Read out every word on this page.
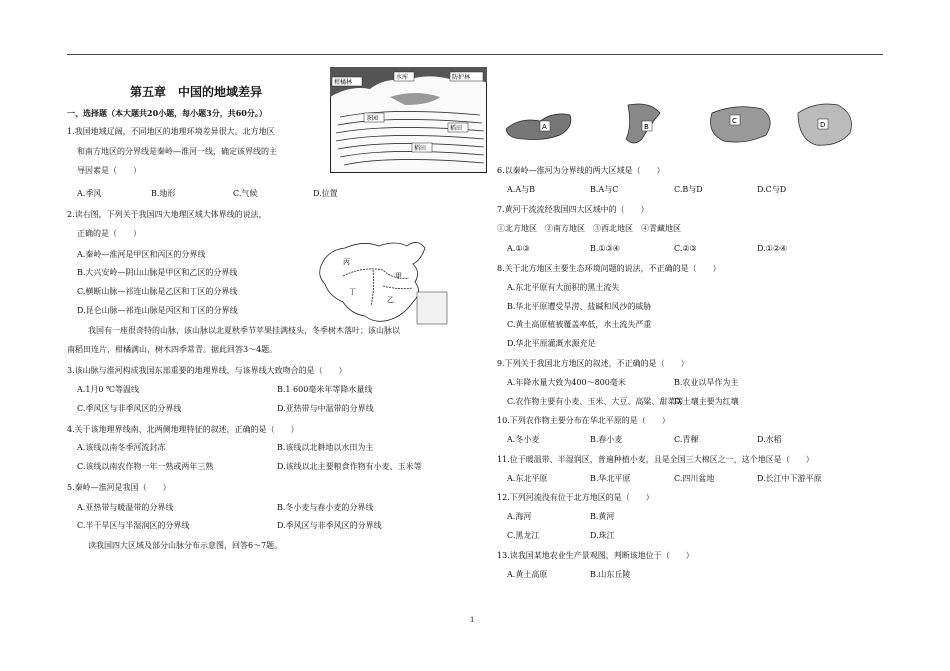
第五章　中国的地域差异
一、选择题（本大题共20小题，每小题3分，共60分。）
柑橘林
水库	防护林
茶园
稻田
稻田
丙
甲
丁
乙
A	B
C	D
1.我国地域辽阔，不同地区的地理环境差异很大。北方地区
和南方地区的分界线是秦岭—淮河一线，确定该界线的主
导因素是（　　）
A.季风	B.地形	C.气候	D.位置
2.读右图，下列关于我国四大地理区域大体界线的说法，
正确的是（　　）
A.秦岭—淮河是甲区和丙区的分界线
B.大兴安岭—阴山山脉是甲区和乙区的分界线
C.横断山脉—祁连山脉是乙区和丁区的分界线
D.昆仑山脉—祁连山脉是丙区和丁区的分界线
我国有一座很奇特的山脉，该山脉以北夏秋季节苹果挂满枝头，冬季树木落叶；该山脉以
南稻田连片，柑橘满山，树木四季常青。据此回答3～4题。
3.该山脉与淮河构成我国东部重要的地理界线，与该界线大致吻合的是（　　）
A.1月0 ℃等温线	B.1 600毫米年等降水量线
C.季风区与非季风区的分界线	D.亚热带与中温带的分界线
4.关于该地理界线南、北两侧地理特征的叙述，正确的是（　　）
A.该线以南冬季河流封冻	B.该线以北耕地以水田为主
C.该线以南农作物一年一熟或两年三熟	D.该线以北主要粮食作物有小麦、玉米等
5.秦岭—淮河是我国（　　）
A.亚热带与暖温带的分界线	B.冬小麦与春小麦的分界线
C.半干旱区与半湿润区的分界线	D.季风区与非季风区的分界线
读我国四大区域及部分山脉分布示意图，回答6～7题。
6.以秦岭—淮河为分界线的两大区域是（　　）
A.A与B	B.A与C	C.B与D	D.C与D
7.黄河干流流经我国四大区域中的（　　）
①北方地区　②南方地区　③西北地区　④青藏地区
A.①③	B.①③④	C.②③	D.①②④
8.关于北方地区主要生态环境问题的说法，不正确的是（　　）
A.东北平原有大面积的黑土流失
B.华北平原遭受旱涝、盐碱和风沙的威胁
C.黄土高原植被覆盖率低，水土流失严重
D.华北平原灌溉水源充足
9.下列关于我国北方地区的叙述，不正确的是（　　）
A.年降水量大致为400～800毫米	B.农业以旱作为主
C.农作物主要有小麦、玉米、大豆、高粱、甜菜等
D.土壤主要为红壤
10.下列农作物主要分布在华北平原的是（　　）
A.冬小麦	B.春小麦	C.青稞	D.水稻
11.位于暖温带、半湿润区，普遍种植小麦，且是全国三大棉区之一，这个地区是（　　）
A.东北平原	B.华北平原	C.四川盆地	D.长江中下游平原
12.下列河流没有位于北方地区的是（　　）
A.海河	B.黄河
C.黑龙江	D.珠江
13.读我国某地农业生产景观图，判断该地位于（　　）
A.黄土高原	B.山东丘陵
1
